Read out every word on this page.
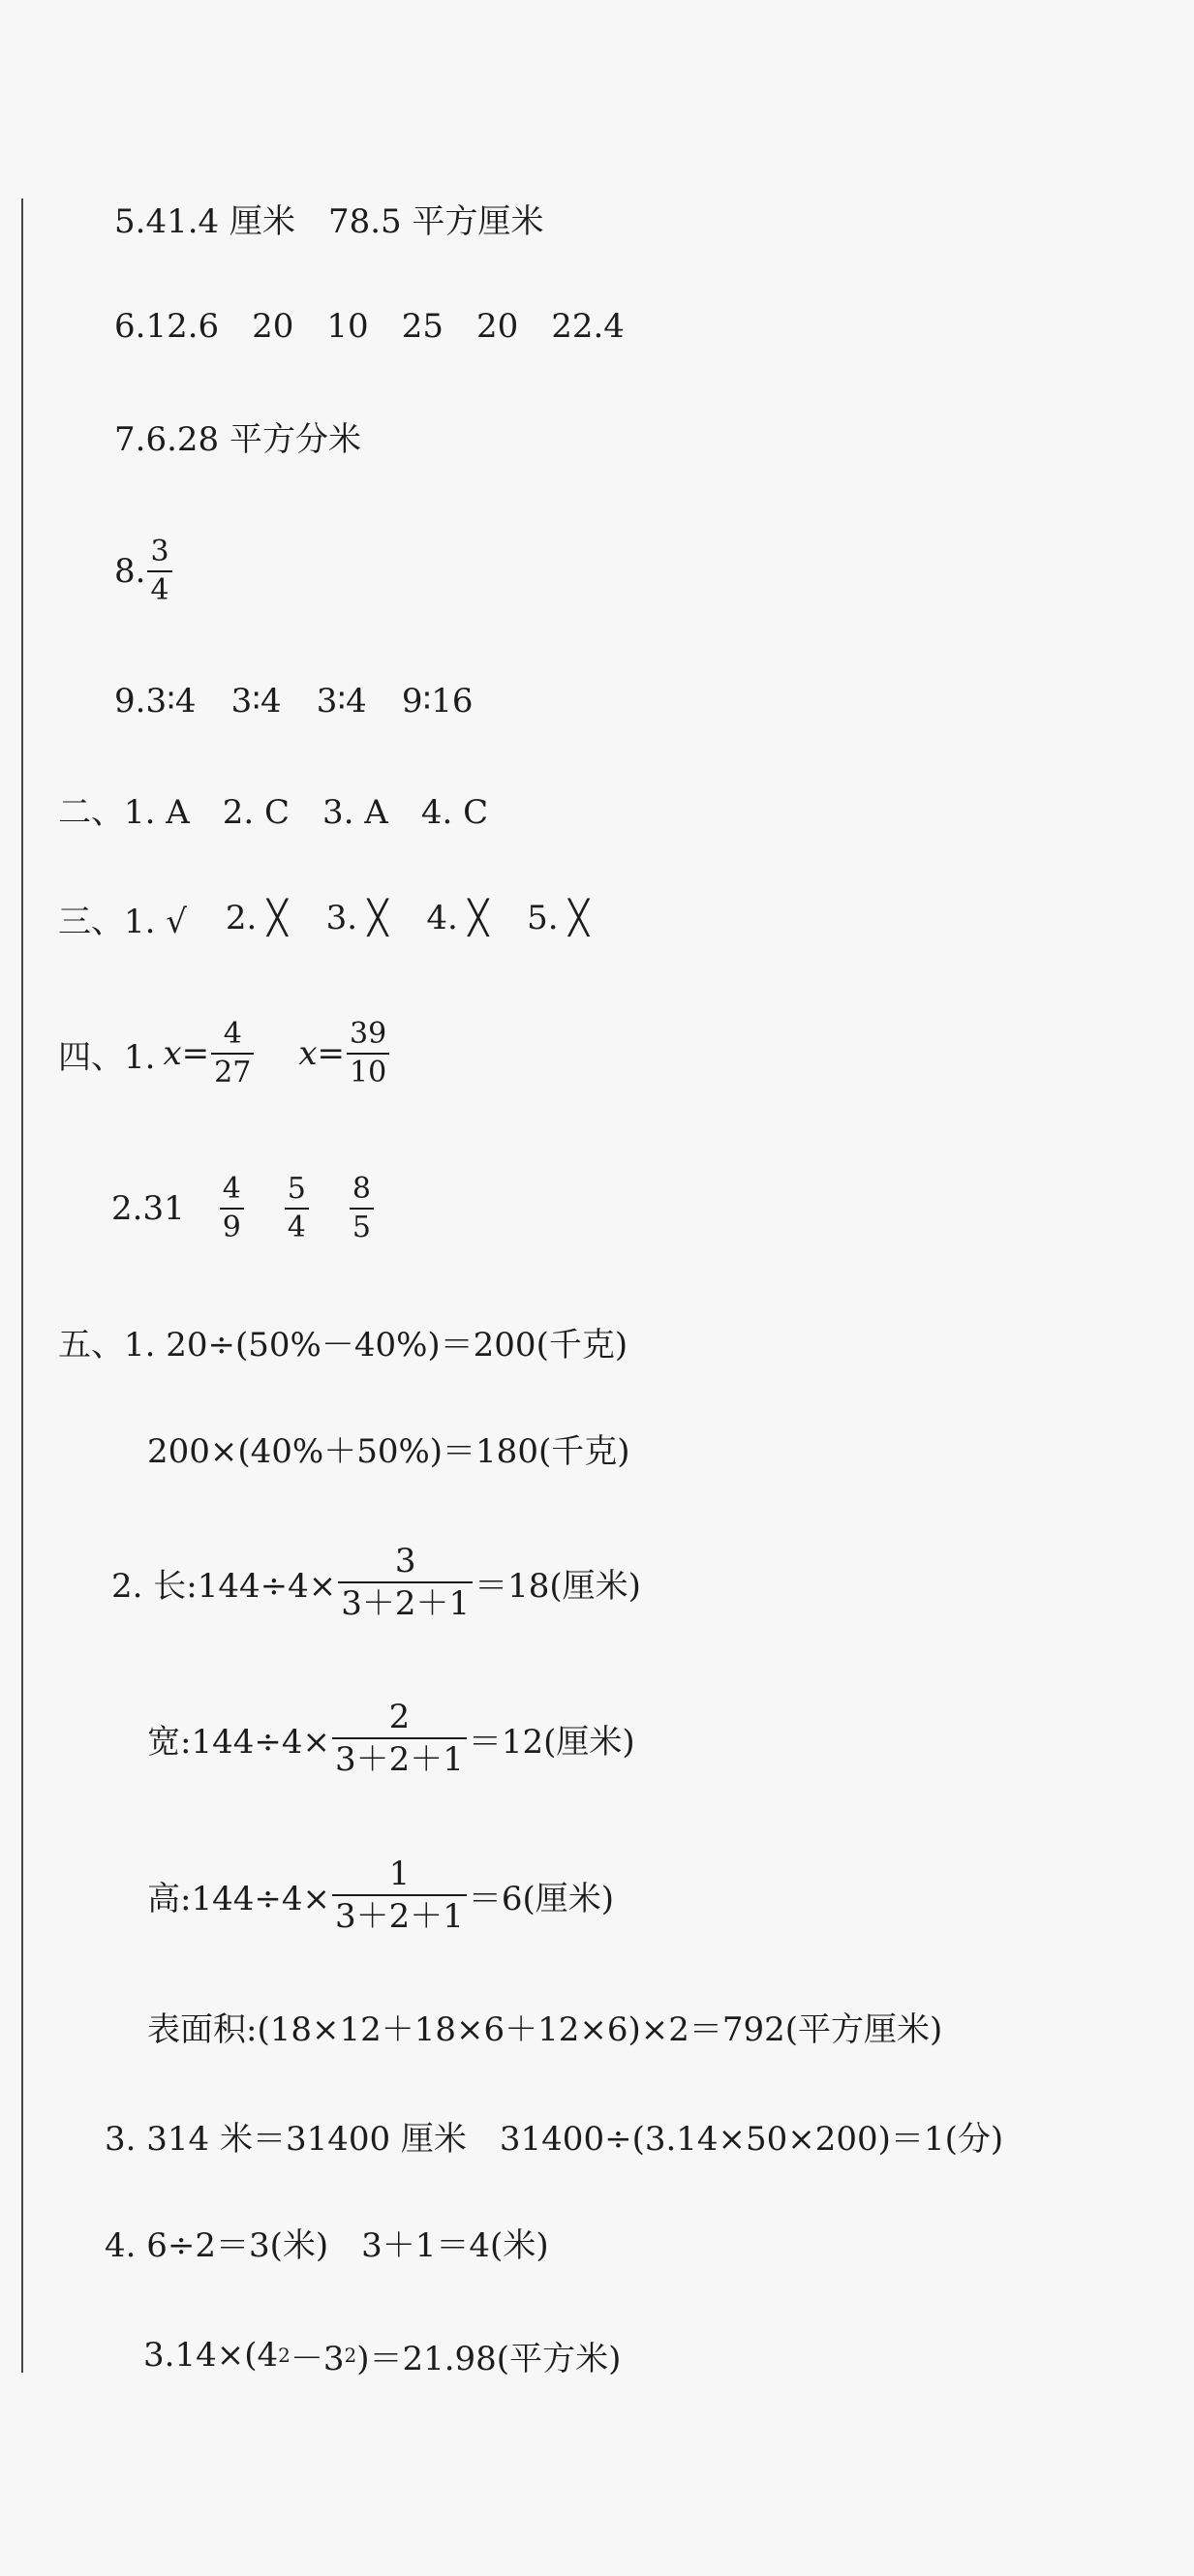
5.41.4 厘米　78.5 平方厘米
6.12.6 20 10 25 20 22.4
7.6.28 平方分米
8. $\frac{3}{4}$
9.3∶4 3∶4 3∶4 9∶16
二、1. A　2. C　3. A　4. C
三、1. √ 2. ╳ 3. ╳ 4. ╳ 5. ╳
四、1. $x = \frac{4}{27}$ $x = \frac{39}{10}$
$2.31 \frac{4}{9} \frac{5}{4} \frac{8}{5}$
五、1. 20÷(50%－40%)＝200(千克)
200×(40%＋50%)＝180(千克)
2. 长:144÷4× $\frac{3}{3+2+1} =18$(厘米)
宽:144÷4× $\frac{2}{3+2+1} =12$(厘米)
高:144÷4× $\frac{1}{3+2+1} =6$(厘米)
表面积:(18×12＋18×6＋12×6)×2＝792(平方厘米)
3. 314 米＝31400 厘米　31400÷(3.14×50×200)＝1(分)
4. 6÷2＝3(米)　3＋1＝4(米)
3.14×(4 2 －3 2 )＝21.98(平方米)
